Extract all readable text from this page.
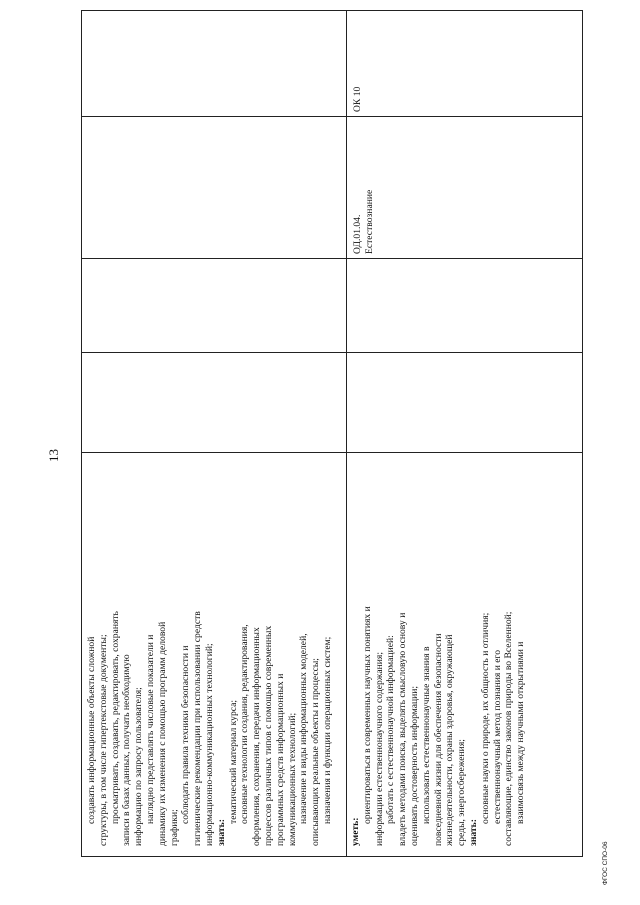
13
ФГОС СПО-06

создавать информационные объекты сложной структуры, в том числе гипертекстовые документы; просматривать, создавать, редактировать, сохранять записи в базах данных, получать необходимую информацию по запросу пользователя; наглядно представлять числовые показатели и динамику их изменения с помощью программ деловой графики;

соблюдать правила техники безопасности и гигиенические рекомендации при использовании средств информационно-коммуникационных технологий; знать:

тематический материал курса; основные технологии создания, редактирования, оформления, сохранения, передачи информационных процессов различных типов с помощью современных программных средств информационных и коммуникационных технологий; назначение и виды информационных моделей, описывающих реальные объекты и процессы; назначения и функции операционных систем;

уметь:

ориентироваться в современных научных понятиях и информации естественнонаучного содержания; работать с естественнонаучной информацией: владеть методами поиска, выделять смысловую основу и оценивать достоверность информации; использовать естественнонаучные знания в повседневной жизни для обеспечения безопасности жизнедеятельности, охраны здоровья, окружающей среды, энергосбережения; знать:

основные науки о природе, их общность и отличия; естественнонаучный метод познания и его составляющие, единство законов природы во Вселенной; взаимосвязь между научными открытиями и

ОД.01.04. Естествознание

ОК 10
